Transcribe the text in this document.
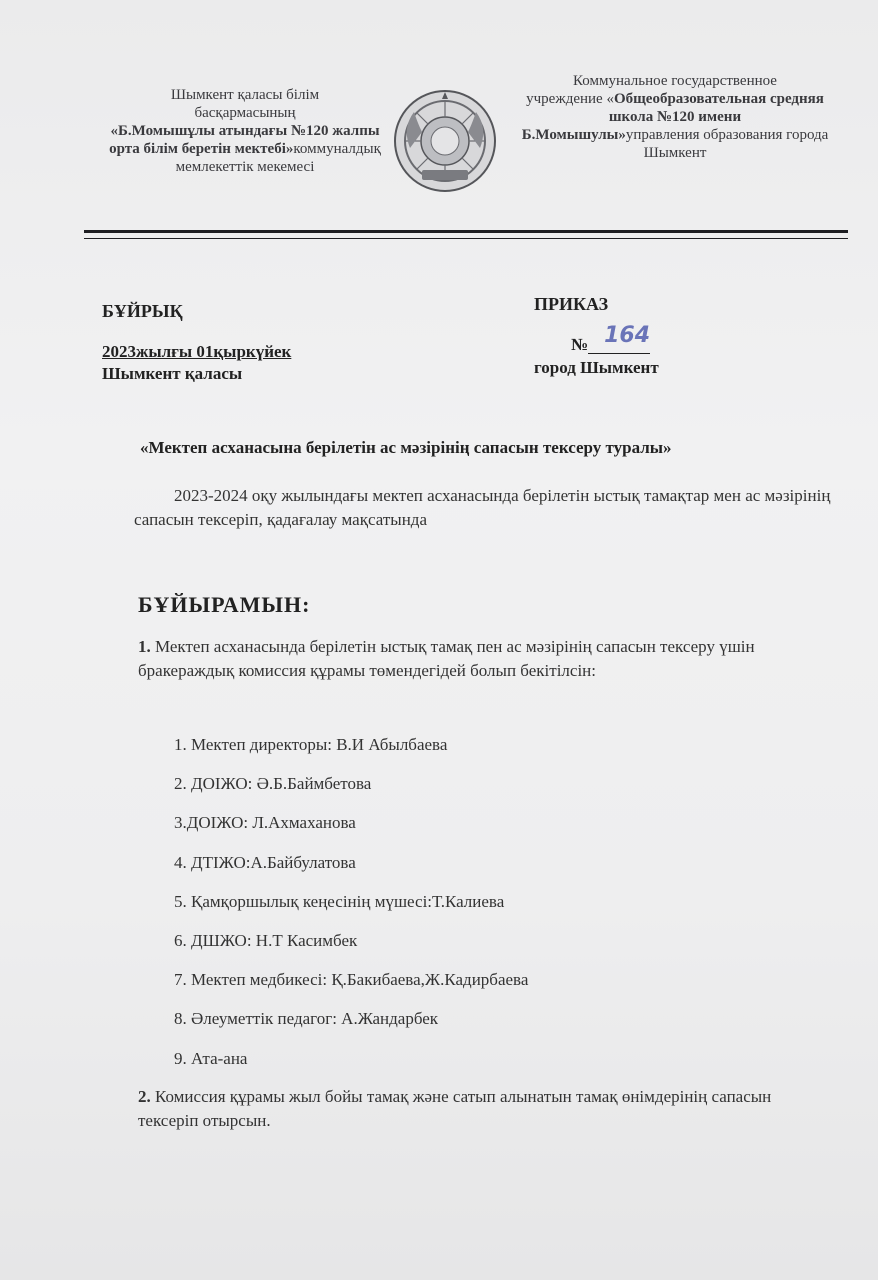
Шымкент қаласы білім
басқармасының
«Б.Момышұлы атындағы №120 жалпы орта білім беретін мектебі»коммуналдық мемлекеттік мекемесі
Коммунальное государственное
учреждение «Общеобразовательная средняя школа №120 имени Б.Момышулы»управления образования города Шымкент
БҰЙРЫҚ
2023жылғы 01қыркүйек
Шымкент қаласы
ПРИКАЗ
№ 164
город Шымкент
«Мектеп асханасына берілетін ас мәзірінің сапасын тексеру туралы»
2023-2024 оқу жылындағы мектеп асханасында берілетін ыстық тамақтар мен ас мәзірінің сапасын тексеріп, қадағалау мақсатында
БҰЙЫРАМЫН:
1. Мектеп асханасында берілетін ыстық тамақ пен ас мәзірінің сапасын тексеру үшін бракераждық комиссия құрамы төмендегідей болып бекітілсін:
1. Мектеп директоры: В.И Абылбаева
2. ДОІЖО: Ә.Б.Баймбетова
3.ДОІЖО: Л.Ахмаханова
4. ДТІЖО:А.Байбулатова
5. Қамқоршылық кеңесінің мүшесі:Т.Калиева
6. ДШЖО: Н.Т Касимбек
7. Мектеп медбикесі: Қ.Бакибаева,Ж.Кадирбаева
8. Әлеуметтік педагог: А.Жандарбек
9. Ата-ана
2. Комиссия құрамы жыл бойы тамақ және сатып алынатын тамақ өнімдерінің сапасын тексеріп отырсын.
